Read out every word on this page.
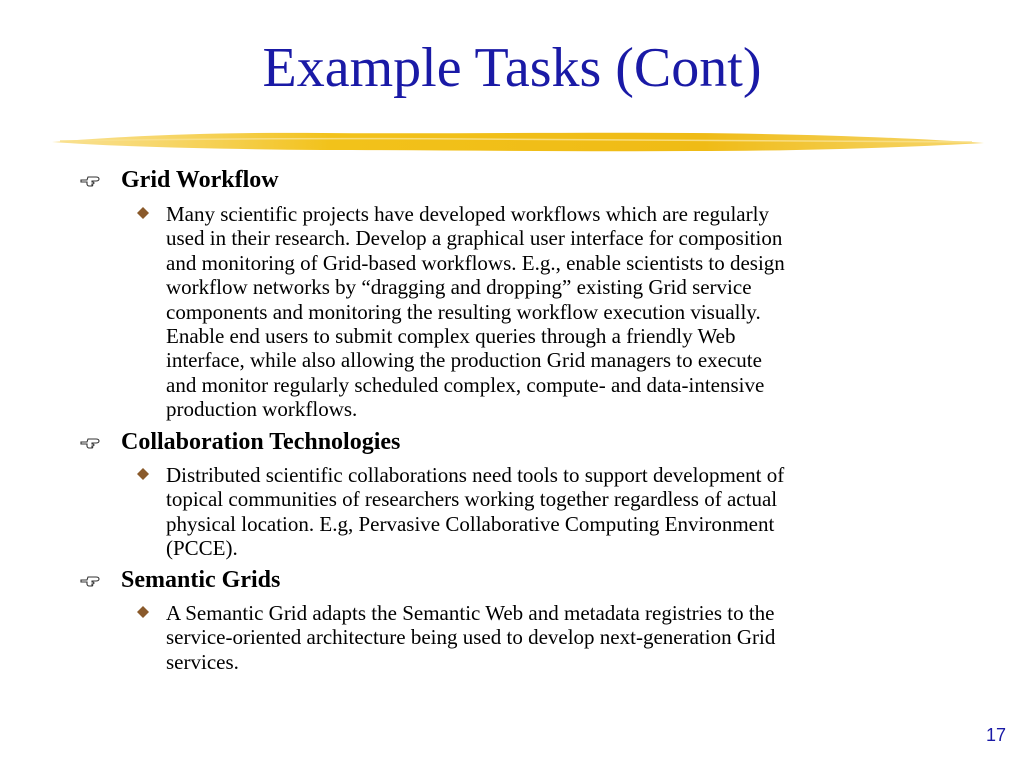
Example Tasks (Cont)
Grid Workflow
Many scientific projects have developed workflows which are regularly
used in their research. Develop a graphical user interface for composition
and monitoring of Grid-based workflows. E.g., enable scientists to design
workflow networks by “dragging and dropping” existing Grid service
components and monitoring the resulting workflow execution visually.
Enable end users to submit complex queries through a friendly Web
interface, while also allowing the production Grid managers to execute
and monitor regularly scheduled complex, compute- and data-intensive
production workflows.
Collaboration Technologies
Distributed scientific collaborations need tools to support development of
topical communities of researchers working together regardless of actual
physical location. E.g, Pervasive Collaborative Computing Environment
(PCCE).
Semantic Grids
A Semantic Grid adapts the Semantic Web and metadata registries to the
service-oriented architecture being used to develop next-generation Grid
services.
17
